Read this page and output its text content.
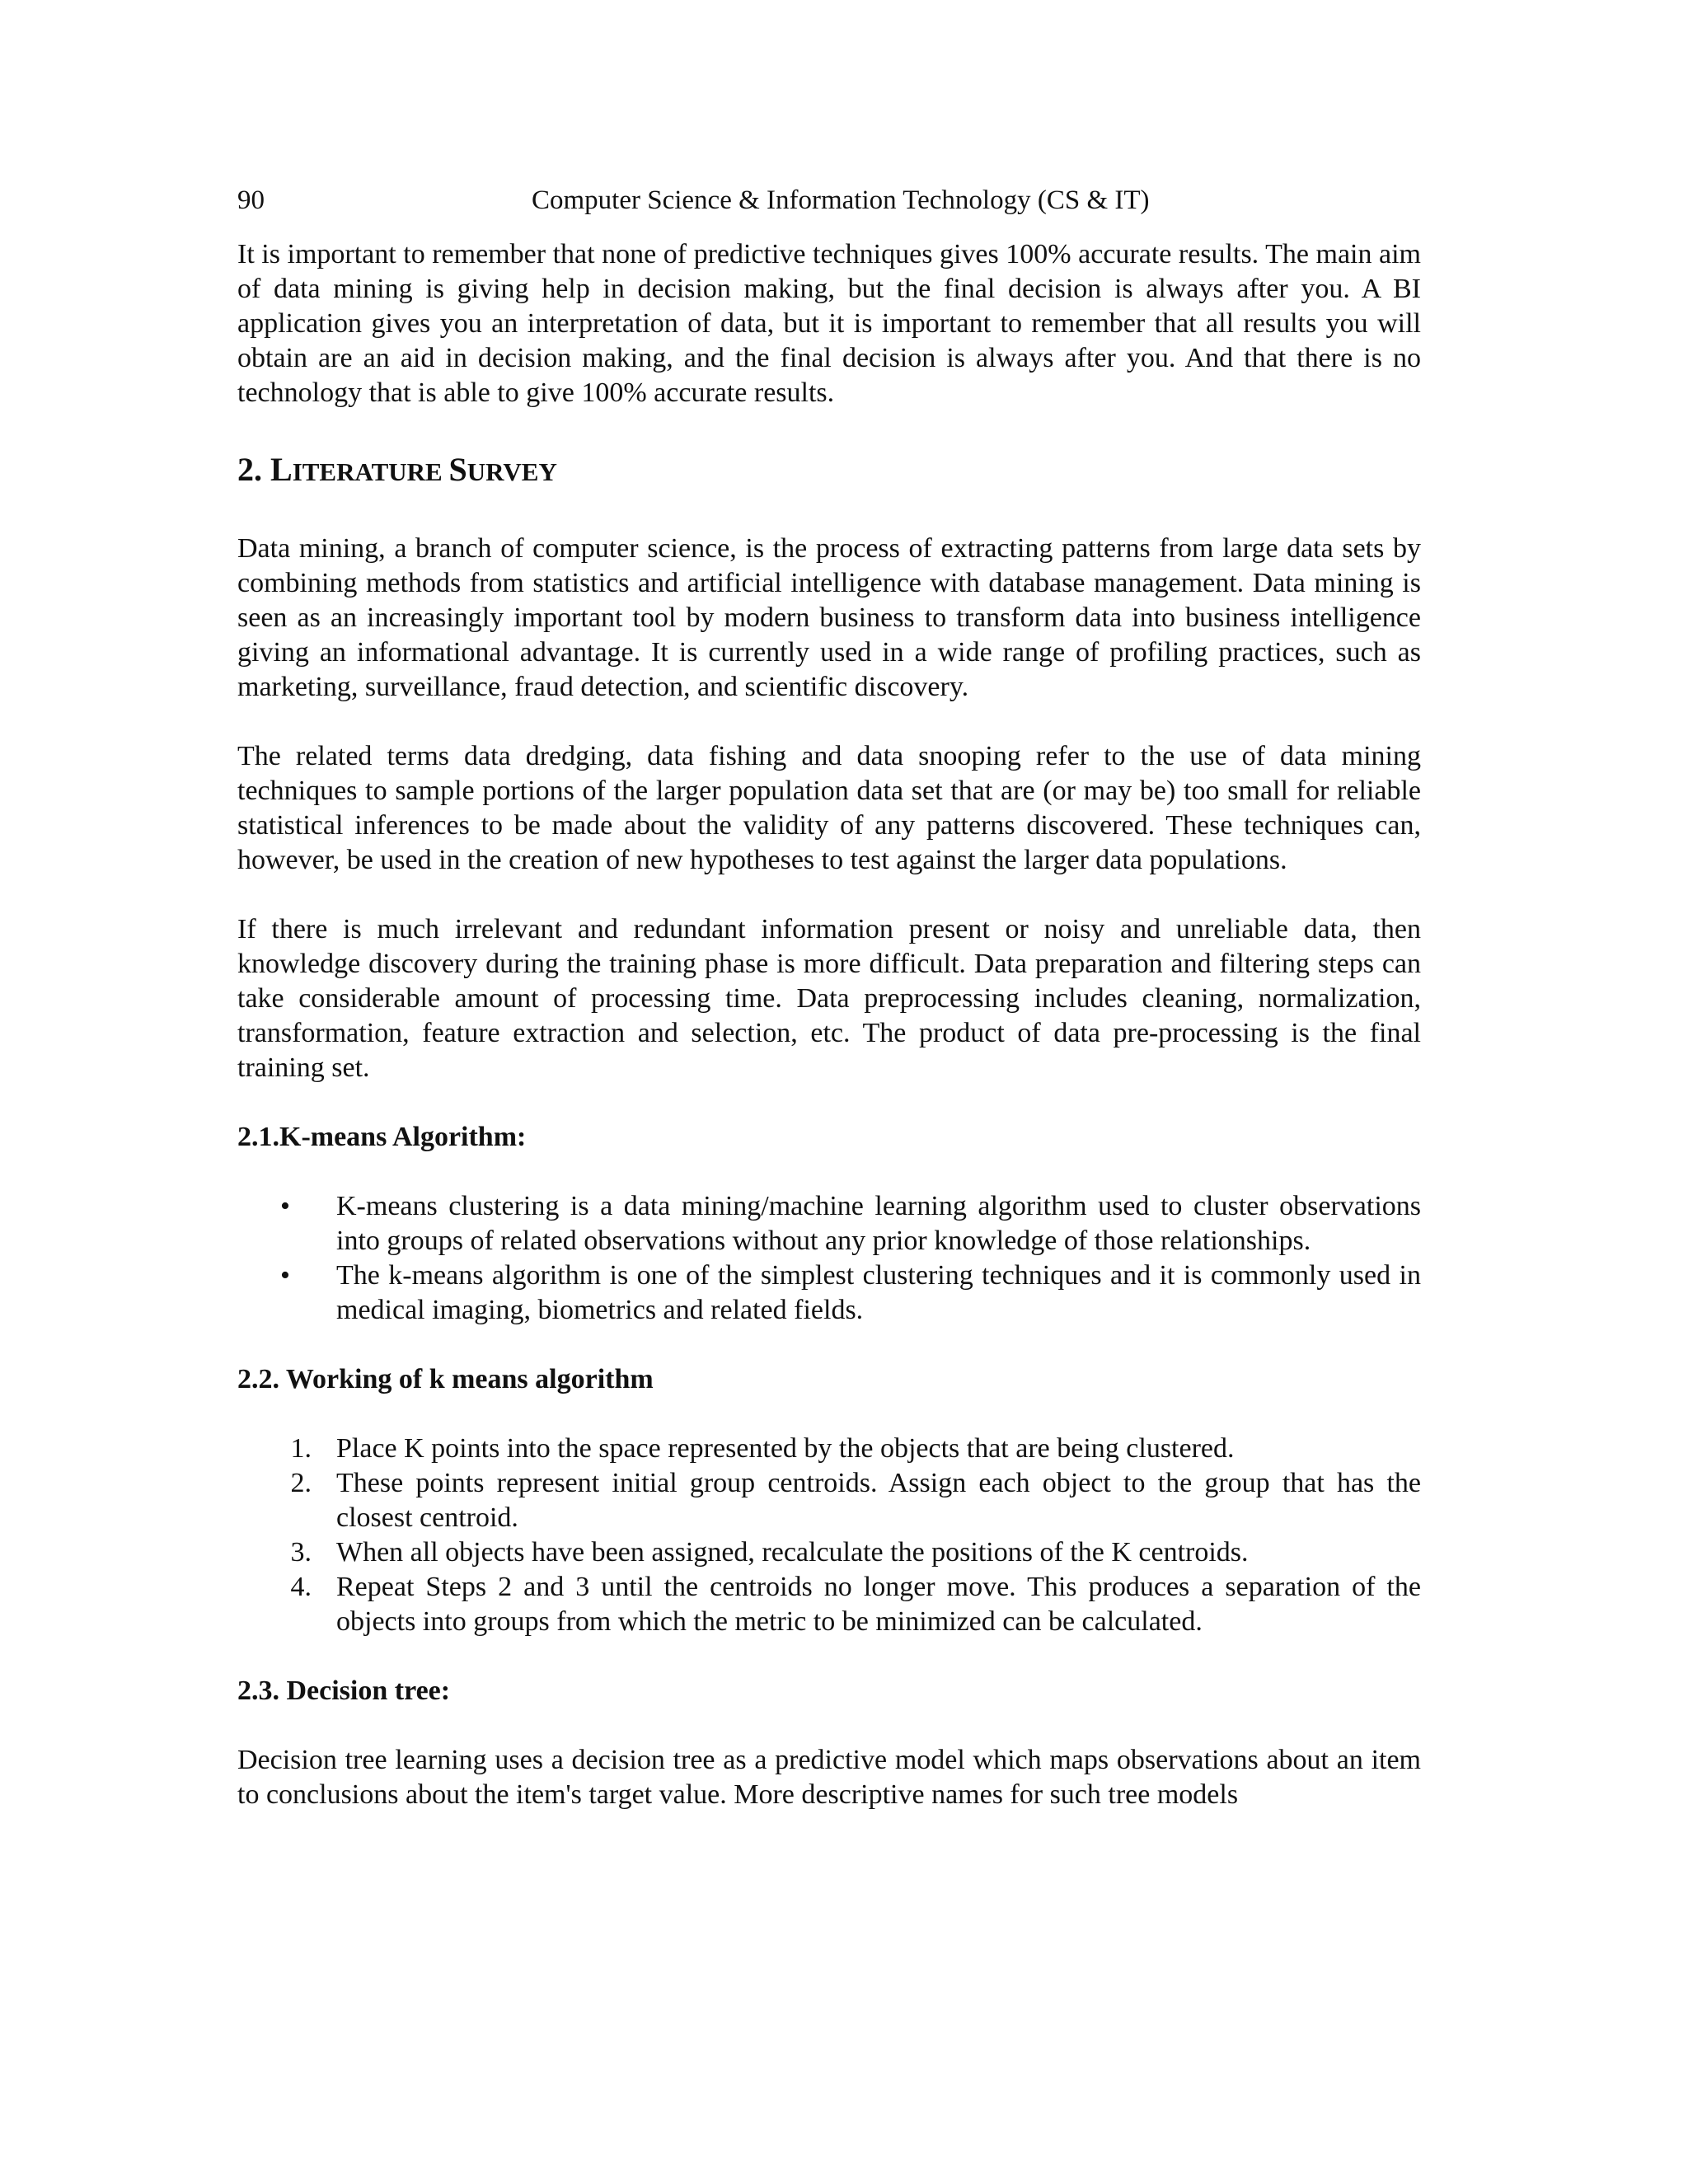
90	Computer Science & Information Technology (CS & IT)

It is important to remember that none of predictive techniques gives 100% accurate results. The main aim of data mining is giving help in decision making, but the final decision is always after you. A BI application gives you an interpretation of data, but it is important to remember that all results you will obtain are an aid in decision making, and the final decision is always after you. And that there is no technology that is able to give 100% accurate results.

2. LITERATURE SURVEY

Data mining, a branch of computer science, is the process of extracting patterns from large data sets by combining methods from statistics and artificial intelligence with database management. Data mining is seen as an increasingly important tool by modern business to transform data into business intelligence giving an informational advantage. It is currently used in a wide range of profiling practices, such as marketing, surveillance, fraud detection, and scientific discovery.

The related terms data dredging, data fishing and data snooping refer to the use of data mining techniques to sample portions of the larger population data set that are (or may be) too small for reliable statistical inferences to be made about the validity of any patterns discovered. These techniques can, however, be used in the creation of new hypotheses to test against the larger data populations.

If there is much irrelevant and redundant information present or noisy and unreliable data, then knowledge discovery during the training phase is more difficult. Data preparation and filtering steps can take considerable amount of processing time. Data preprocessing includes cleaning, normalization, transformation, feature extraction and selection, etc. The product of data pre-processing is the final training set.

2.1.K-means Algorithm:
• K-means clustering is a data mining/machine learning algorithm used to cluster observations into groups of related observations without any prior knowledge of those relationships.
• The k-means algorithm is one of the simplest clustering techniques and it is commonly used in medical imaging, biometrics and related fields.
2.2. Working of k means algorithm
1. Place K points into the space represented by the objects that are being clustered.
2. These points represent initial group centroids. Assign each object to the group that has the closest centroid.
3. When all objects have been assigned, recalculate the positions of the K centroids.
4. Repeat Steps 2 and 3 until the centroids no longer move. This produces a separation of the objects into groups from which the metric to be minimized can be calculated.
2.3. Decision tree:

Decision tree learning uses a decision tree as a predictive model which maps observations about an item to conclusions about the item's target value. More descriptive names for such tree models
